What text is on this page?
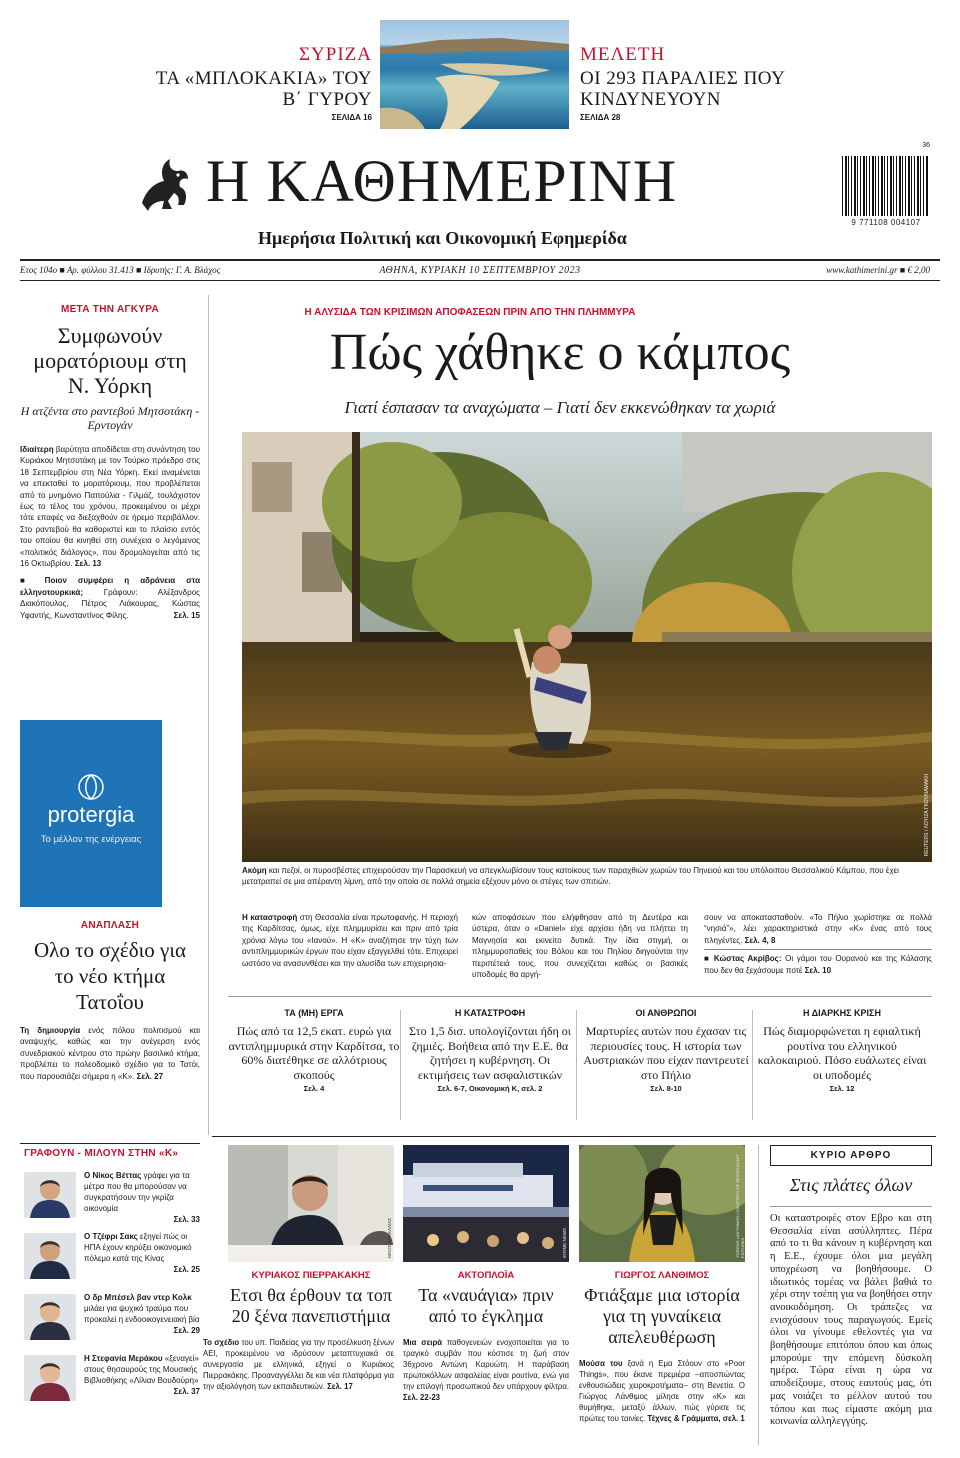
ΣΥΡΙΖΑ
ΤΑ «ΜΠΛΟΚΑΚΙΑ» ΤΟΥ Β΄ ΓΥΡΟΥ
ΣΕΛΙΔΑ 16
ΜΕΛΕΤΗ
ΟΙ 293 ΠΑΡΑΛΙΕΣ ΠΟΥ ΚΙΝΔΥΝΕΥΟΥΝ
ΣΕΛΙΔΑ 28
Η ΚΑΘΗΜΕΡΙΝΗ
Ημερήσια Πολιτική και Οικονομική Εφημερίδα
36
9 771108 004107
Ετος 104ο ■ Αρ. φύλλου 31.413 ■ Ιδρυτής: Γ. Α. Βλάχος	ΑΘΗΝΑ, ΚΥΡΙΑΚΗ 10 ΣΕΠΤΕΜΒΡΙΟΥ 2023	www.kathimerini.gr ■ € 2,00
ΜΕΤΑ ΤΗΝ ΑΓΚΥΡΑ
Συμφωνούν μορατόριουμ στη Ν. Υόρκη
Η ατζέντα στο ραντεβού Μητσοτάκη - Ερντογάν
Ιδιαίτερη βαρύτητα αποδίδεται στη συνάντηση του Κυριάκου Μητσοτάκη με τον Τούρκο πρόεδρο στις 18 Σεπτεμβρίου στη Νέα Υόρκη. Εκεί αναμένεται να επεκταθεί το μορατόριουμ, που προβλέπεται από το μνημόνιο Παπούλια - Γιλμάζ, τουλάχιστον έως το τέλος του χρόνου, προκειμένου οι μέχρι τότε επαφές να διεξαχθούν σε ήρεμο περιβάλλον. Στο ραντεβού θα καθοριστεί και το πλαίσιο εντός του οποίου θα κινηθεί στη συνέχεια ο λεγόμενος «πολιτικός διάλογος», που δρομολογείται από τις 16 Οκτωβρίου. Σελ. 13
■ Ποιον συμφέρει η αδράνεια στα ελληνοτουρκικά; Γράφουν: Αλέξανδρος Διακόπουλος, Πέτρος Λιάκουρας, Κώστας Υφαντής, Κωνσταντίνος Φίλης.	Σελ. 15
protergia
Το μέλλον της ενέργειας
ΑΝΑΠΛΑΣΗ
Ολο το σχέδιο για το νέο κτήμα Τατοΐου
Τη δημιουργία ενός πόλου πολιτισμού και αναψυχής, καθώς και την ανέγερση ενός συνεδριακού κέντρου στο πρώην βασιλικό κτήμα, προβλέπει το πολεοδομικό σχέδιο για το Τατόι, που παρουσιάζει σήμερα η «Κ». Σελ. 27
ΓΡΑΦΟΥΝ - ΜΙΛΟΥΝ ΣΤΗΝ «Κ»
Ο Νίκος Βέττας γράφει για τα μέτρα που θα μπορούσαν να συγκρατήσουν την γκρίζα οικονομία
Σελ. 33
Ο Τζέφρι Σακς εξηγεί πώς οι ΗΠΑ έχουν κηρύξει οικονομικό πόλεμο κατά της Κίνας
Σελ. 25
Ο δρ Μπέσελ βαν ντερ Κολκ μιλάει για ψυχικό τραύμα που προκαλεί η ενδοοικογενειακή βία
Σελ. 29
Η Στεφανία Μεράκου «ξεναγεί» στους θησαυρούς της Μουσικής Βιβλιοθήκης «Λίλιαν Βουδούρη»
Σελ. 37
Η ΑΛΥΣΙΔΑ ΤΩΝ ΚΡΙΣΙΜΩΝ ΑΠΟΦΑΣΕΩΝ ΠΡΙΝ ΑΠΟ ΤΗΝ ΠΛΗΜΜΥΡΑ
Πώς χάθηκε ο κάμπος
Γιατί έσπασαν τα αναχώματα – Γιατί δεν εκκενώθηκαν τα χωριά
REUTERS / ΛΟΥΙΖΑ ΓΚΟΥΛΙΑΜΑΚΗ
Ακόμη και πεζοί, οι πυροσβέστες επιχειρούσαν την Παρασκευή να απεγκλωβίσουν τους κατοίκους των παραχθιών χωριών του Πηνειού και του υπόλοιπου Θεσσαλικού Κάμπου, που έχει μετατραπεί σε μια απέραντη λίμνη, από την οποία σε πολλά σημεία εξέχουν μόνο οι στέγες των σπιτιών.
Η καταστροφή στη Θεσσαλία είναι πρωτοφανής. Η περιοχή της Καρδίτσας, όμως, είχε πλημμυρίσει και πριν από τρία χρόνια λόγω του «Ιανού». Η «Κ» αναζήτησε την τύχη των αντιπλημμυρικών έργων που είχαν εξαγγελθεί τότε. Επιχειρεί ωστόσο να ανασυνθέσει και την αλυσίδα των επιχειρησια-
κών αποφάσεων που ελήφθησαν από τη Δευτέρα και ύστερα, όταν ο «Daniel» είχε αρχίσει ήδη να πλήττει τη Μαγνησία και εκινείτο δυτικά. Την ίδια στιγμή, οι πλημμυροπαθείς του Βόλου και του Πηλίου διηγούνται την περιπέτειά τους, που συνεχίζεται καθώς οι βασικές υποδομές θα αργή-
σουν να αποκατασταθούν. «Το Πήλιο χωρίστηκε σε πολλά “νησιά”», λέει χαρακτηριστικά στην «Κ» ένας από τους πληγέντες. Σελ. 4, 8
■ Κώστας Ακρίβος: Οι γάμοι του Ουρανού και της Κόλασης που δεν θα ξεχάσουμε ποτέ Σελ. 10
ΤΑ (ΜΗ) ΕΡΓΑ
Πώς από τα 12,5 εκατ. ευρώ για αντιπλημμυρικά στην Καρδίτσα, το 60% διατέθηκε σε αλλότριους σκοπούς
Σελ. 4
Η ΚΑΤΑΣΤΡΟΦΗ
Στο 1,5 δισ. υπολογίζονται ήδη οι ζημιές. Βοήθεια από την Ε.Ε. θα ζητήσει η κυβέρνηση. Οι εκτιμήσεις των ασφαλιστικών
Σελ. 6-7, Οικονομική Κ, σελ. 2
ΟΙ ΑΝΘΡΩΠΟΙ
Μαρτυρίες αυτών που έχασαν τις περιουσίες τους. Η ιστορία των Αυστριακών που είχαν παντρευτεί στο Πήλιο
Σελ. 8-10
Η ΔΙΑΡΚΗΣ ΚΡΙΣΗ
Πώς διαμορφώνεται η εφιαλτική ρουτίνα του ελληνικού καλοκαιριού. Πόσο ευάλωτες είναι οι υποδομές
Σελ. 12
ΚΥΡΙΑΚΟΣ ΠΙΕΡΡΑΚΑΚΗΣ
Ετσι θα έρθουν τα τοπ 20 ξένα πανεπιστήμια
Το σχέδιο του υπ. Παιδείας για την προσέλκυση ξένων ΑΕΙ, προκειμένου να ιδρύσουν μεταπτυχιακά σε συνεργασία με ελληνικά, εξηγεί ο Κυριάκος Πιερρακάκης. Προαναγγέλλει δε και νέα πλατφόρμα για την αξιολόγηση των εκπαιδευτικών. Σελ. 17
ΑΚΤΟΠΛΟΪΑ
Τα «ναυάγια» πριν από το έγκλημα
Μια σειρά παθογενειών ενοχοποιείται για το τραγικό συμβάν που κόστισε τη ζωή στον 36χρονο Αντώνη Καρυώτη. Η παράβαση πρωτοκόλλων ασφαλείας είναι ρουτίνα, ενώ για την επιλογή προσωπικού δεν υπάρχουν φίλτρα. Σελ. 22-23
ΓΙΩΡΓΟΣ ΛΑΝΘΙΜΟΣ
Φτιάξαμε μια ιστορία για τη γυναίκεια απελευθέρωση
Μούσα του ξανά η Εμα Στόουν στο «Poor Things», που έκανε πρεμιέρα –αποσπώντας ενθουσιώδεις χειροκροτήματα– στη Βενετία. Ο Γιώργος Λάνθιμος μίλησε στην «Κ» και θυμήθηκε, μεταξύ άλλων, πώς γύρισε τις πρώτες του ταινίες. Τέχνες & Γράμματα, σελ. 1
ΝΙΚΟΣ ΚΟΚΚΑΛΙΑΣ	INTIME NEWS	YORGOS LANTHIMOS / COURTESY OF SEARCHLIGHT PICTURES
ΚΥΡΙΟ ΑΡΘΡΟ
Στις πλάτες όλων
Οι καταστροφές στον Εβρο και στη Θεσσαλία είναι ασύλληπτες. Πέρα από το τι θα κάνουν η κυβέρνηση και η Ε.Ε., έχουμε όλοι μια μεγάλη υποχρέωση να βοηθήσουμε. Ο ιδιωτικός τομέας να βάλει βαθιά το χέρι στην τσέπη για να βοηθήσει στην ανοικοδόμηση. Οι τράπεζες να ενισχύσουν τους παραγωγούς. Εμείς όλοι να γίνουμε εθελοντές για να βοηθήσουμε επιτόπου όπου και όπως μπορούμε την επόμενη δύσκολη ημέρα. Τώρα είναι η ώρα να αποδείξουμε, στους εαυτούς μας, ότι μας νοιάζει το μέλλον αυτού του τόπου και πως είμαστε ακόμη μια κοινωνία αλληλεγγύης.
